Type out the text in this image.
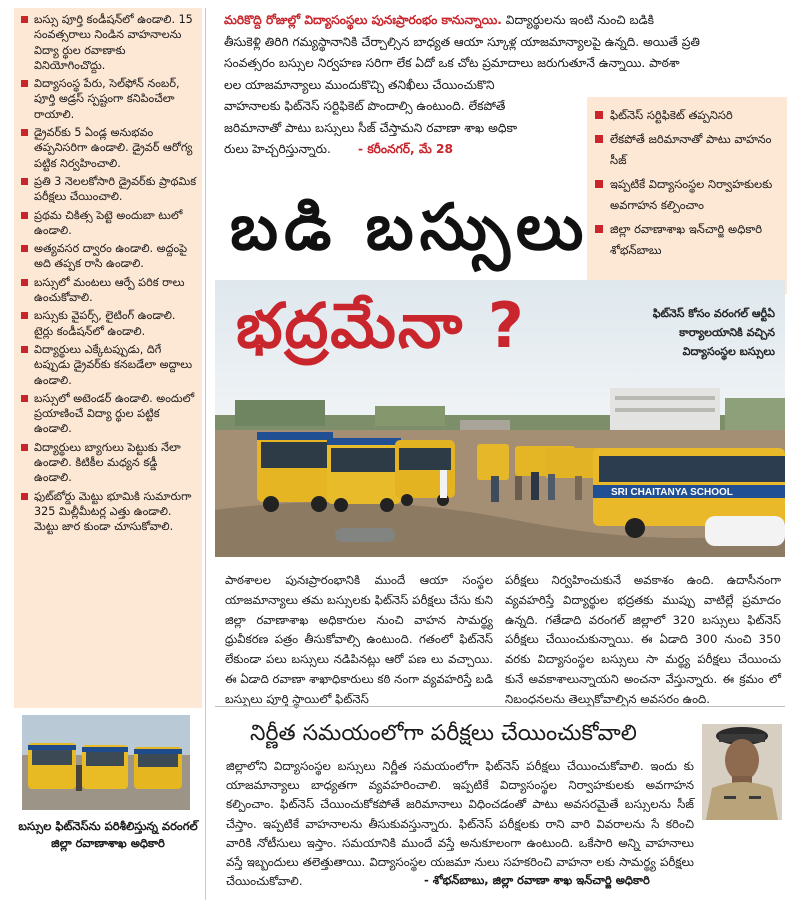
బస్సు పూర్తి కండీషన్‌లో ఉండాలి. 15 సంవత్సరాలు నిండిన వాహనాలను విద్యా ర్థుల రవాణాకు వినియోగించొద్దు.
విద్యాసంస్థ పేరు, సెల్‌ఫోన్ నంబర్, పూర్తి అడ్రస్ స్పష్టంగా కనిపించేలా రాయాలి.
డ్రైవర్‌కు 5 ఏండ్ల అనుభవం తప్పనిసరిగా ఉండాలి. డ్రైవర్ ఆరోగ్య పట్టిక నిర్వహించాలి.
ప్రతి 3 నెలలకోసారి డ్రైవర్‌కు ప్రాథమిక పరీక్షలు చేయించాలి.
ప్రథమ చికిత్స పెట్టె అందుబా టులో ఉండాలి.
అత్యవసర ద్వారం ఉండాలి. అద్దంపై అది తప్పక రాసి ఉండాలి.
బస్సులో మంటలు ఆర్పే పరిక రాలు ఉంచుకోవాలి.
బస్సుకు వైపర్స్, లైటింగ్ ఉండాలి. టైర్లు కండీషన్‌లో ఉండాలి.
విద్యార్థులు ఎక్కేటప్పుడు, దిగే టప్పుడు డ్రైవర్‌కు కనబడేలా అద్దాలు ఉండాలి.
బస్సులో అటెండర్ ఉండాలి. అందులో ప్రయాణించే విద్యా ర్థుల పట్టిక ఉండాలి.
విద్యార్థులు బ్యాగులు పెట్టుకు నేలా ఉండాలి. కిటికీల మధ్యన కడ్డీ ఉండాలి.
ఫుట్‌బోర్డు మెట్టు భూమికి సుమారుగా 325 మిల్లీమీటర్ల ఎత్తు ఉండాలి. మెట్టు జార కుండా చూసుకోవాలి.
బస్సుల ఫిట్‌నెస్‌ను పరిశీలిస్తున్న వరంగల్ జిల్లా రవాణాశాఖ అధికారి
మరికొద్ది రోజుల్లో విద్యాసంస్థలు పునఃప్రారంభం కానున్నాయి. విద్యార్థులను ఇంటి నుంచి బడికి
తీసుకెళ్లి తిరిగి గమ్యస్థానానికి చేర్చాల్సిన బాధ్యత ఆయా స్కూళ్ల యాజమాన్యాలపై ఉన్నది. అయితే ప్రతి
సంవత్సరం బస్సుల నిర్వహణ సరిగా లేక ఏదో ఒక చోట ప్రమాదాలు జరుగుతూనే ఉన్నాయి. పాఠశా
లల యాజమాన్యాలు ముందుకొచ్చి తనిఖీలు చేయించుకొని
వాహనాలకు ఫిట్‌నెస్ సర్టిఫికెట్ పొందాల్సి ఉంటుంది. లేకపోతే
జరిమానాతో పాటు బస్సులు సీజ్ చేస్తామని రవాణా శాఖ అధికా
రులు హెచ్చరిస్తున్నారు. - కరీంనగర్, మే 28
ఫిట్‌నెస్ సర్టిఫికెట్ తప్పనిసరి
లేకపోతే జరిమానాతో పాటు వాహనం సీజ్
ఇప్పటికే విద్యాసంస్థల నిర్వాహకులకు అవగాహన కల్పించాం
జిల్లా రవాణాశాఖ ఇన్‌చార్జి అధికారి శోభన్‌బాబు
బడి బస్సులు
SRI CHAITANYA SCHOOL
భద్రమేనా ?	ఫిట్‌నెస్ కోసం వరంగల్ ఆర్టీఏ కార్యాలయానికి వచ్చిన విద్యాసంస్థల బస్సులు
పాఠశాలల పునఃప్రారంభానికి ముందే ఆయా సంస్థల యాజమాన్యాలు తమ బస్సులకు ఫిట్‌నెస్ పరీక్షలు చేసు కుని జిల్లా రవాణాశాఖ అధికారుల నుంచి వాహన సామర్థ్య ధ్రువీకరణ పత్రం తీసుకోవాల్సి ఉంటుంది. గతంలో ఫిట్‌నెస్ లేకుండా పలు బస్సులు నడిపినట్లు ఆరో పణ లు వచ్చాయి. ఈ ఏడాది రవాణా శాఖాధికారులు కఠి నంగా వ్యవహరిస్తే బడి బస్సులు పూర్తి స్థాయిలో ఫిట్‌నెస్
పరీక్షలు నిర్వహించుకునే అవకాశం ఉంది. ఉదాసీనంగా వ్యవహరిస్తే విద్యార్థుల భద్రతకు ముప్పు వాటిల్లే ప్రమాదం ఉన్నది. గతేడాది వరంగల్ జిల్లాలో 320 బస్సులు ఫిట్‌నెస్ పరీక్షలు చేయించుకున్నాయి. ఈ ఏడాది 300 నుంచి 350 వరకు విద్యాసంస్థల బస్సులు సా మర్థ్య పరీక్షలు చేయించు కునే అవకాశాలున్నాయని అంచనా వేస్తున్నారు. ఈ క్రమం లో నిబంధనలను తెల్సుకోవాల్సిన అవసరం ఉంది.
నిర్ణీత సమయంలోగా పరీక్షలు చేయించుకోవాలి
జిల్లాలోని విద్యాసంస్థల బస్సులు నిర్ణీత సమయంలోగా ఫిట్‌నెస్ పరీక్షలు చేయించుకోవాలి. ఇందు కు యాజమాన్యాలు బాధ్యతగా వ్యవహరించాలి. ఇప్పటికే విద్యాసంస్థల నిర్వాహకులకు అవగాహన కల్పించాం. ఫిట్‌నెస్ చేయించుకోకపోతే జరిమానాలు విధించడంతో పాటు అవసరమైతే బస్సులను సీజ్ చేస్తాం. ఇప్పటికే వాహనాలను తీసుకువస్తున్నారు. ఫిట్‌నెస్ పరీక్షలకు రాని వారి వివరాలను సే కరించి వారికి నోటీసులు ఇస్తాం. సమయానికి ముందే వస్తే అనుకూలంగా ఉంటుంది. ఒకేసారి అన్ని వాహనాలు వస్తే ఇబ్బందులు తలెత్తుతాయి. విద్యాసంస్థల యజమా నులు సహకరించి వాహనా లకు సామర్థ్య పరీక్షలు చేయించుకోవాలి.	- శోభన్‌బాబు, జిల్లా రవాణా శాఖ ఇన్‌చార్జి అధికారి
